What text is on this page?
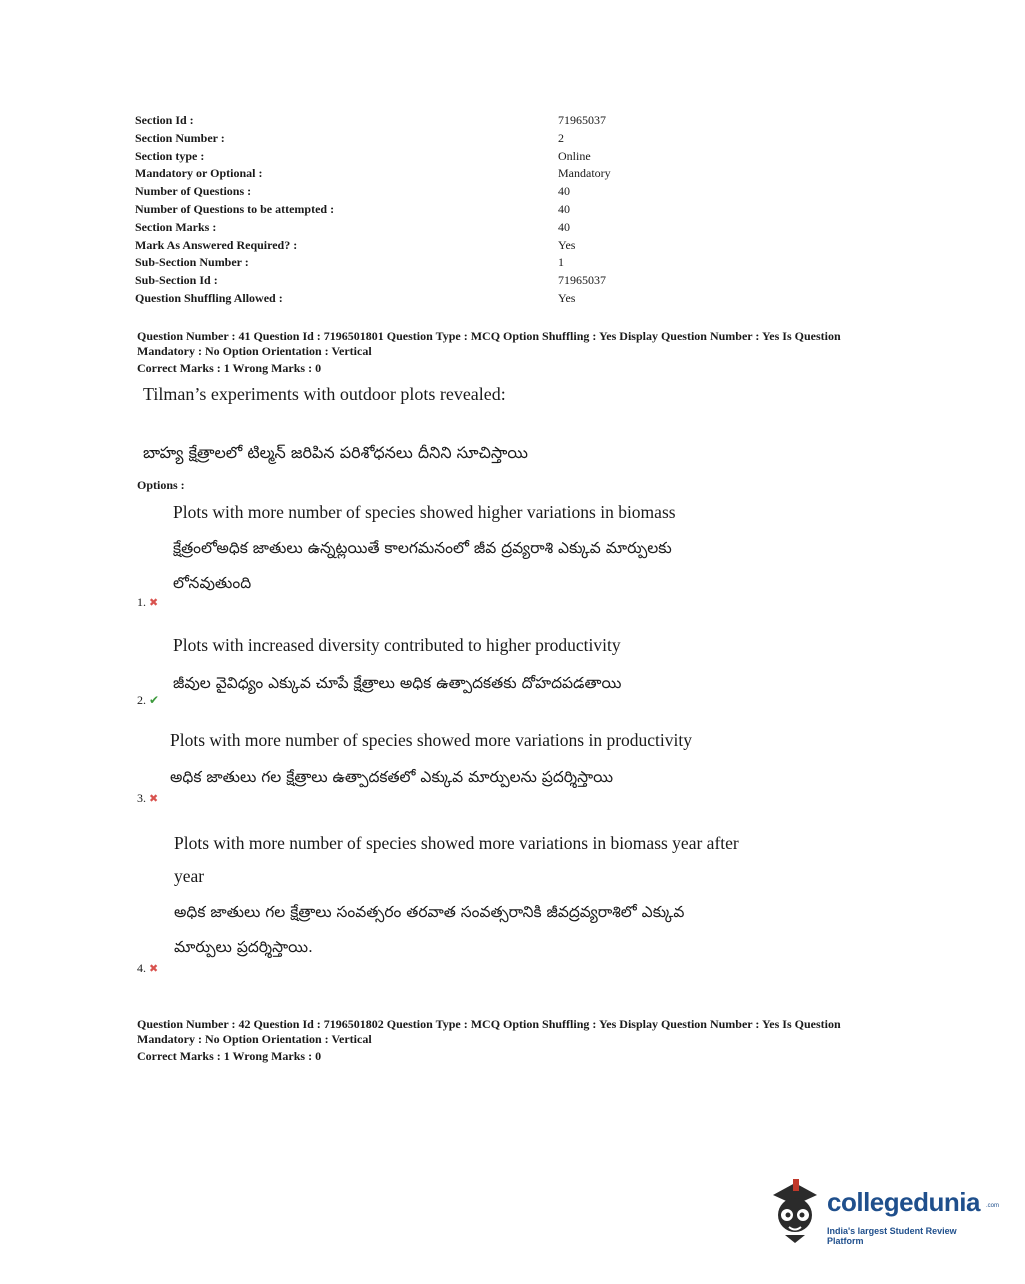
Section Id :	71965037
Section Number :	2
Section type :	Online
Mandatory or Optional :	Mandatory
Number of Questions :	40
Number of Questions to be attempted :	40
Section Marks :	40
Mark As Answered Required? :	Yes
Sub-Section Number :	1
Sub-Section Id :	71965037
Question Shuffling Allowed :	Yes
Question Number : 41 Question Id : 7196501801 Question Type : MCQ Option Shuffling : Yes Display Question Number : Yes Is Question
Mandatory : No Option Orientation : Vertical
Correct Marks : 1 Wrong Marks : 0
Tilman’s experiments with outdoor plots revealed:
బాహ్య క్షేత్రాలలో టిల్మన్ జరిపిన పరిశోధనలు దీనిని సూచిస్తాయి
Options :
Plots with more number of species showed higher variations in biomass
క్షేత్రంలోఅధిక జాతులు ఉన్నట్లయితే కాలగమనంలో జీవ ద్రవ్యరాశి ఎక్కువ మార్పులకు
లోనవుతుంది
1. ✖
Plots with increased diversity contributed to higher productivity
జీవుల వైవిధ్యం ఎక్కువ చూపే క్షేత్రాలు అధిక ఉత్పాదకతకు దోహదపడతాయి
2. ✔
Plots with more number of species showed more variations in productivity
అధిక జాతులు గల క్షేత్రాలు ఉత్పాదకతలో ఎక్కువ మార్పులను ప్రదర్శిస్తాయి
3. ✖
Plots with more number of species showed more variations in biomass year after
year
అధిక జాతులు గల క్షేత్రాలు సంవత్సరం తరవాత సంవత్సరానికి జీవద్రవ్యరాశిలో ఎక్కువ
మార్పులు ప్రదర్శిస్తాయి.
4. ✖
Question Number : 42 Question Id : 7196501802 Question Type : MCQ Option Shuffling : Yes Display Question Number : Yes Is Question
Mandatory : No Option Orientation : Vertical
Correct Marks : 1 Wrong Marks : 0
collegedunia .com
India's largest Student Review Platform
